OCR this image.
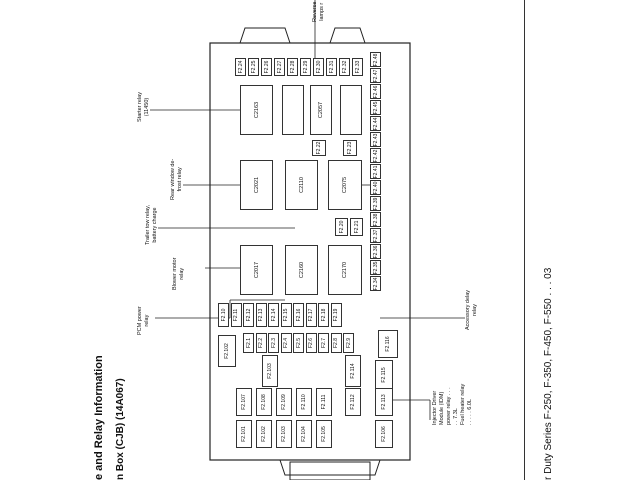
e and Relay Information n Box (CJB) (14A067)	r Duty Series F-250, F-350, F-450, F-550 . . . 03
Reverse lamps r
Starter relay (11450)
Rear window de- frost relay
Trailer tow relay, battery charge
Blower motor relay
PCM power relay	Accessory delay relay
Injector Driver Module (IDM) power relay . . . . . 7.3L Fuel heater relay . . . . . 6.0L
F2.24 F2.25 F2.26 F2.27 F2.28 F2.29 F2.30 F2.31 F2.32 F2.33
F2.48
F2.47
F2.46
F2.45
F2.44
F2.43
F2.42
F2.41
F2.40
F2.39
F2.38
F2.37
F2.36
F2.35
F2.34
C2163	C2057
F2.22	F2.23
C2021	C2110	C2075
F2.20 F2.21
C2017	C2160	C2170
F2.10 F2.11 F2.12 F2.13 F2.14 F2.15 F2.16 F2.17 F2.18 F2.19
F2.1 F2.2 F2.3 F2.4 F2.5 F2.6 F2.7 F2.8 F2.9
F2.102
F2.103	F2.114	F2.115
F2.116
F2.112	F2.113
F2.106
F2.107	F2.108	F2.109	F2.110	F2.111
F2.101	F2.102	F2.103	F2.104	F2.105
